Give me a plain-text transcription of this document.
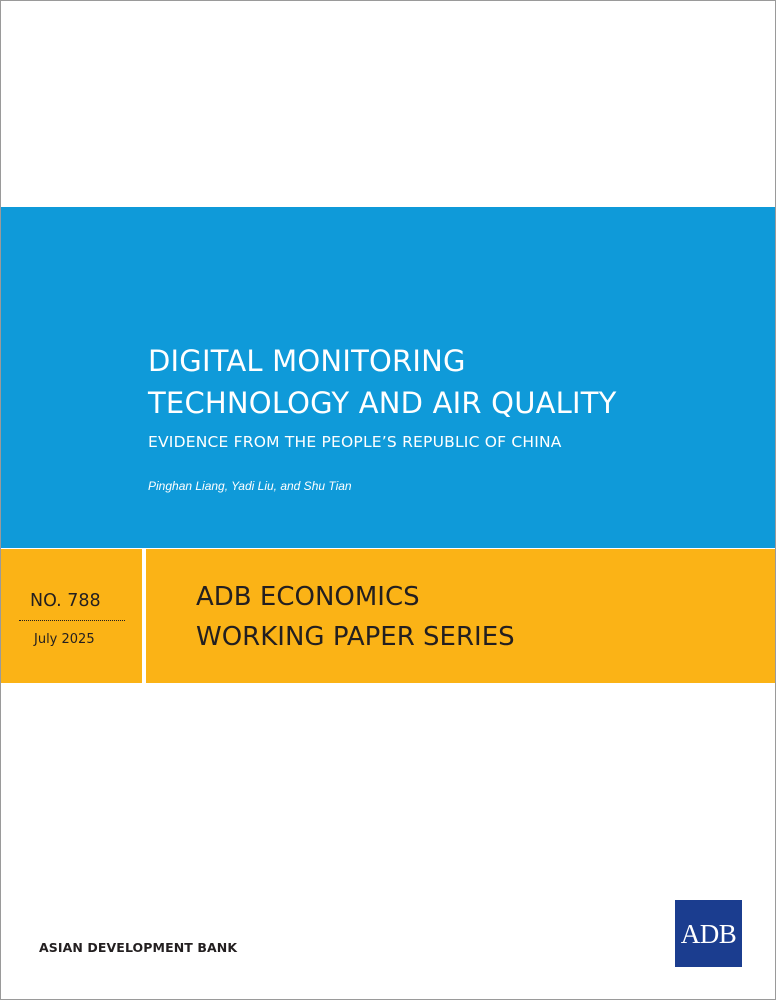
DIGITAL MONITORING
TECHNOLOGY AND AIR QUALITY

EVIDENCE FROM THE PEOPLE’S REPUBLIC OF CHINA

Pinghan Liang, Yadi Liu, and Shu Tian

NO. 788

July 2025

ADB ECONOMICS
WORKING PAPER SERIES

ASIAN DEVELOPMENT BANK	ADB
